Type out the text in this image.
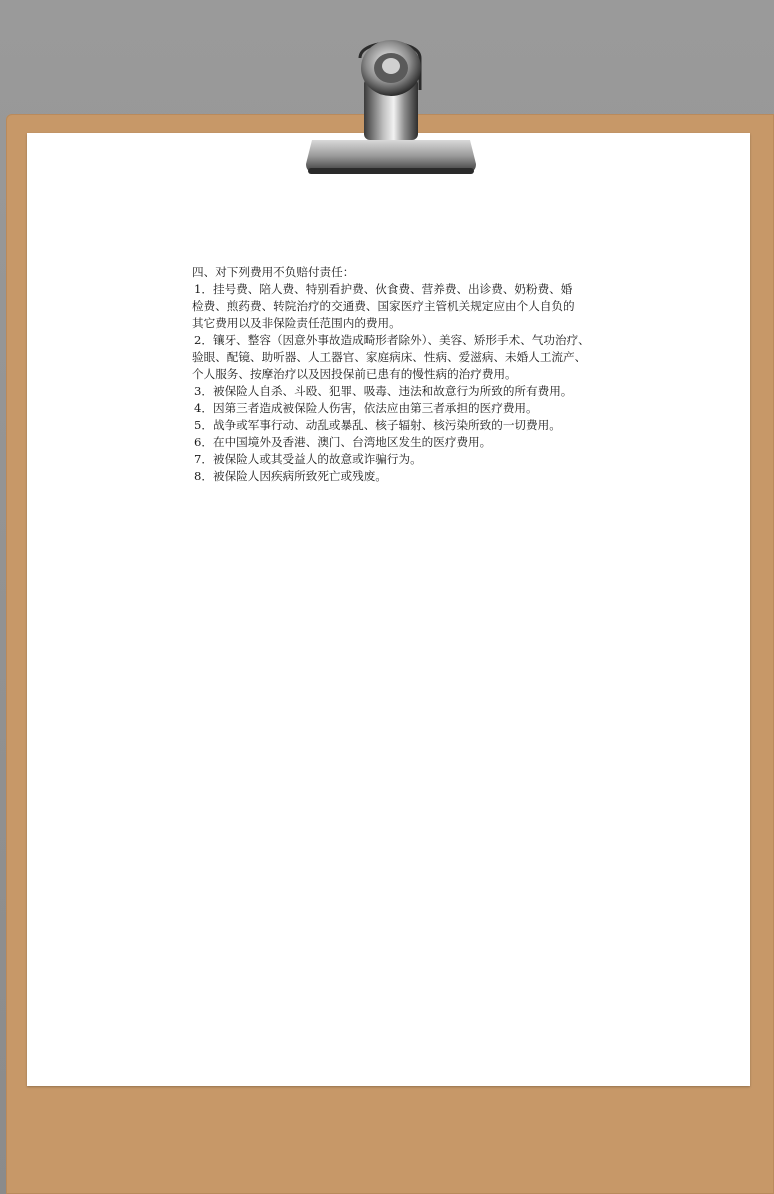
四、对下列费用不负赔付责任：
1．挂号费、陪人费、特别看护费、伙食费、营养费、出诊费、奶粉费、婚
检费、煎药费、转院治疗的交通费、国家医疗主管机关规定应由个人自负的
其它费用以及非保险责任范围内的费用。
2．镶牙、整容（因意外事故造成畸形者除外）、美容、矫形手术、气功治疗、
验眼、配镜、助听器、人工器官、家庭病床、性病、爱滋病、未婚人工流产、
个人服务、按摩治疗以及因投保前已患有的慢性病的治疗费用。
3．被保险人自杀、斗殴、犯罪、吸毒、违法和故意行为所致的所有费用。
4．因第三者造成被保险人伤害，依法应由第三者承担的医疗费用。
5．战争或军事行动、动乱或暴乱、核子辐射、核污染所致的一切费用。
6．在中国境外及香港、澳门、台湾地区发生的医疗费用。
7．被保险人或其受益人的故意或诈骗行为。
8．被保险人因疾病所致死亡或残废。
